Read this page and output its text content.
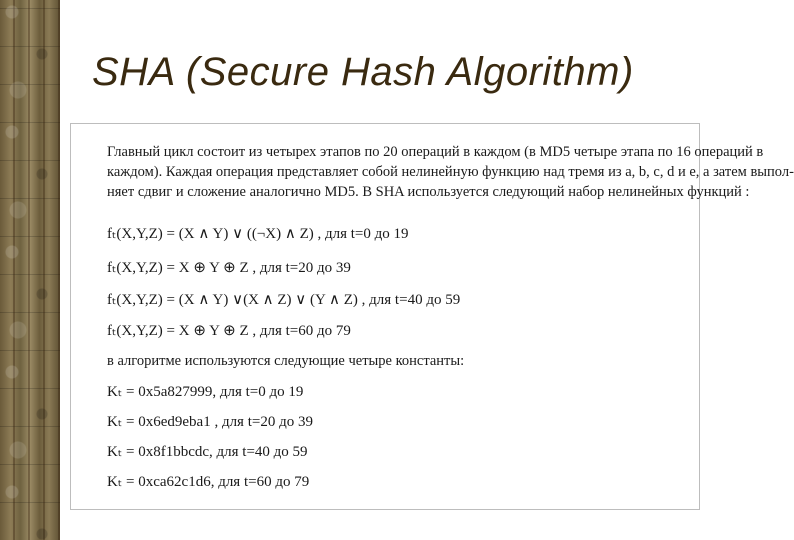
SHA (Secure Hash Algorithm)

Главный цикл состоит из четырех этапов по 20 операций в каждом (в MD5 четыре этапа по 16 операций в
каждом). Каждая операция представляет собой нелинейную функцию над тремя из a, b, c, d и e, а затем выпол-
няет сдвиг и сложение аналогично MD5. В SHA используется следующий набор нелинейных функций :

fₜ(X,Y,Z) = (X ∧ Y) ∨ ((¬X) ∧ Z) , для t=0 до 19
fₜ(X,Y,Z) = X ⊕ Y ⊕ Z , для t=20 до 39
fₜ(X,Y,Z) = (X ∧ Y) ∨(X ∧ Z) ∨ (Y ∧ Z) , для t=40 до 59
fₜ(X,Y,Z) = X ⊕ Y ⊕ Z , для t=60 до 79
в алгоритме используются следующие четыре константы:
Kₜ = 0x5a827999, для t=0 до 19
Kₜ = 0x6ed9eba1 , для t=20 до 39
Kₜ = 0x8f1bbcdc, для t=40 до 59
Kₜ = 0xca62c1d6, для t=60 до 79
